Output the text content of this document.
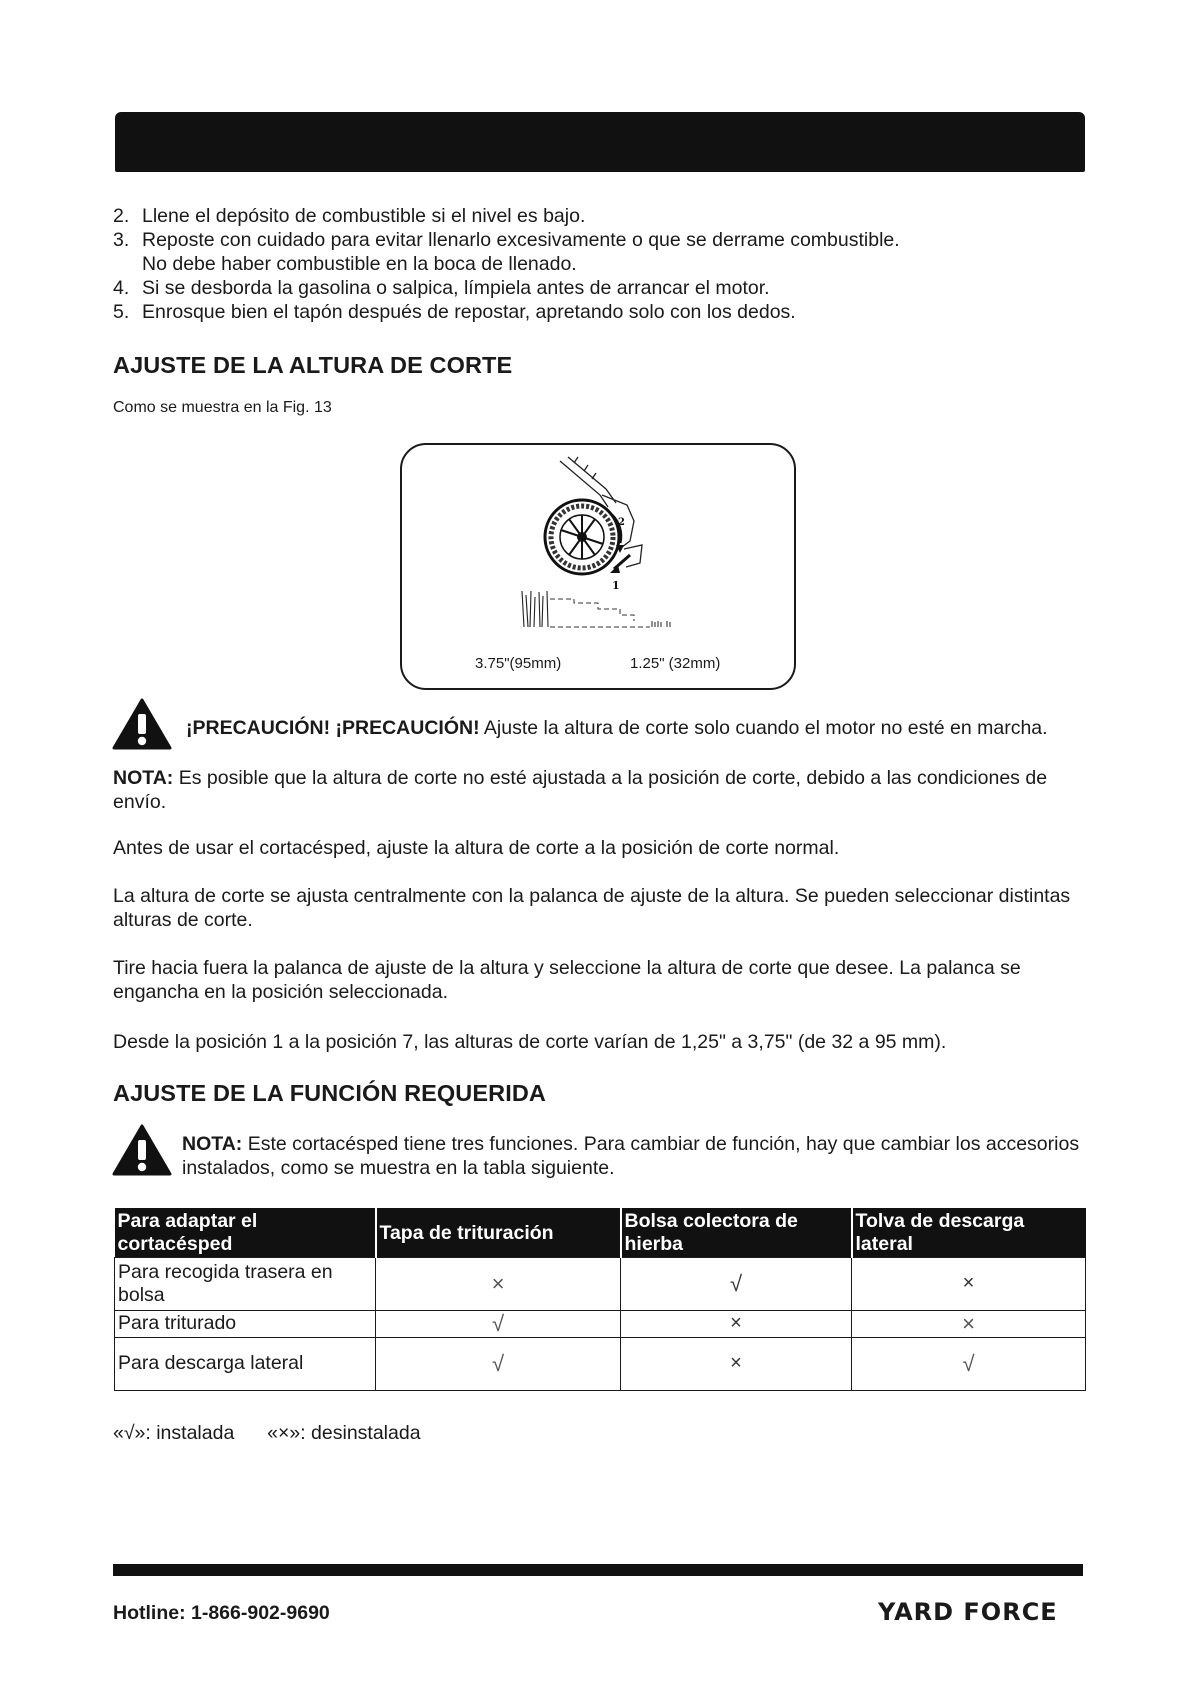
2. Llene el depósito de combustible si el nivel es bajo.
3. Reposte con cuidado para evitar llenarlo excesivamente o que se derrame combustible.
No debe haber combustible en la boca de llenado.
4. Si se desborda la gasolina o salpica, límpiela antes de arrancar el motor.
5. Enrosque bien el tapón después de repostar, apretando solo con los dedos.
AJUSTE DE LA ALTURA DE CORTE
Como se muestra en la Fig. 13
2
1
3.75"(95mm)	1.25" (32mm)

¡PRECAUCIÓN! ¡PRECAUCIÓN! Ajuste la altura de corte solo cuando el motor no esté en marcha.

NOTA: Es posible que la altura de corte no esté ajustada a la posición de corte, debido a las condiciones de envío.

Antes de usar el cortacésped, ajuste la altura de corte a la posición de corte normal.

La altura de corte se ajusta centralmente con la palanca de ajuste de la altura. Se pueden seleccionar distintas alturas de corte.

Tire hacia fuera la palanca de ajuste de la altura y seleccione la altura de corte que desee. La palanca se engancha en la posición seleccionada.

Desde la posición 1 a la posición 7, las alturas de corte varían de 1,25" a 3,75" (de 32 a 95 mm).

AJUSTE DE LA FUNCIÓN REQUERIDA

NOTA: Este cortacésped tiene tres funciones. Para cambiar de función, hay que cambiar los accesorios instalados, como se muestra en la tabla siguiente.

Para adaptar el cortacésped	Tapa de trituración	Bolsa colectora de hierba	Tolva de descarga lateral
Para recogida trasera en bolsa	×	√	×
Para triturado	√	×	×
Para descarga lateral	√	×	√
«√»: instalada «×»: desinstalada
Hotline: 1-866-902-9690	YARD FORCE
